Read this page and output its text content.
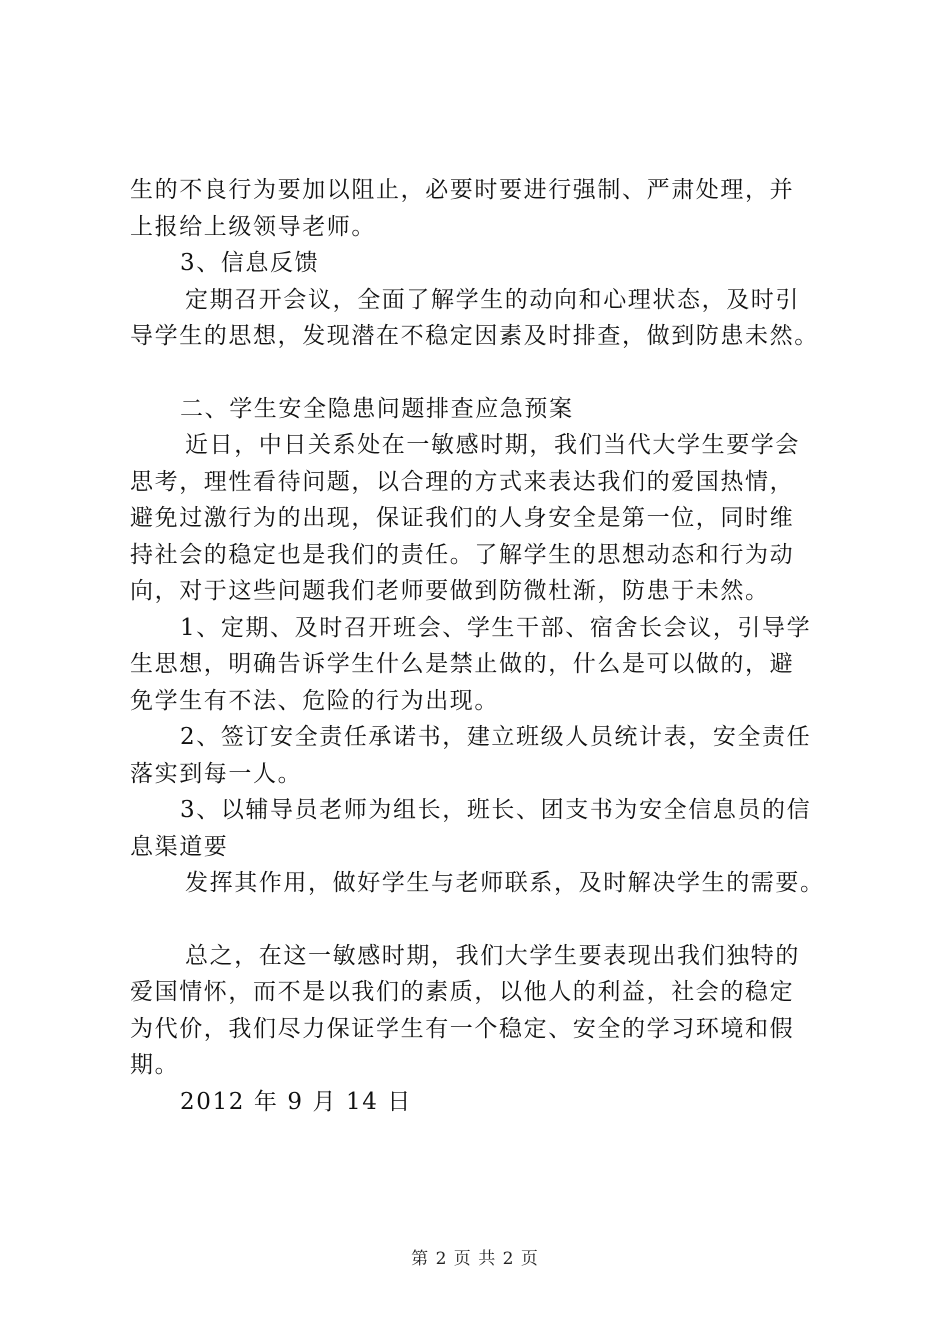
生的不良行为要加以阻止，必要时要进行强制、严肃处理，并
上报给上级领导老师。
3、信息反馈
定期召开会议，全面了解学生的动向和心理状态，及时引
导学生的思想，发现潜在不稳定因素及时排查，做到防患未然。
二、学生安全隐患问题排查应急预案
近日，中日关系处在一敏感时期，我们当代大学生要学会
思考，理性看待问题，以合理的方式来表达我们的爱国热情，
避免过激行为的出现，保证我们的人身安全是第一位，同时维
持社会的稳定也是我们的责任。了解学生的思想动态和行为动
向，对于这些问题我们老师要做到防微杜渐，防患于未然。
1、定期、及时召开班会、学生干部、宿舍长会议，引导学
生思想，明确告诉学生什么是禁止做的，什么是可以做的，避
免学生有不法、危险的行为出现。
2、签订安全责任承诺书，建立班级人员统计表，安全责任
落实到每一人。
3、以辅导员老师为组长，班长、团支书为安全信息员的信
息渠道要
发挥其作用，做好学生与老师联系，及时解决学生的需要。
总之，在这一敏感时期，我们大学生要表现出我们独特的
爱国情怀，而不是以我们的素质，以他人的利益，社会的稳定
为代价，我们尽力保证学生有一个稳定、安全的学习环境和假
期。
2012 年 9 月 14 日
第 2 页 共 2 页
